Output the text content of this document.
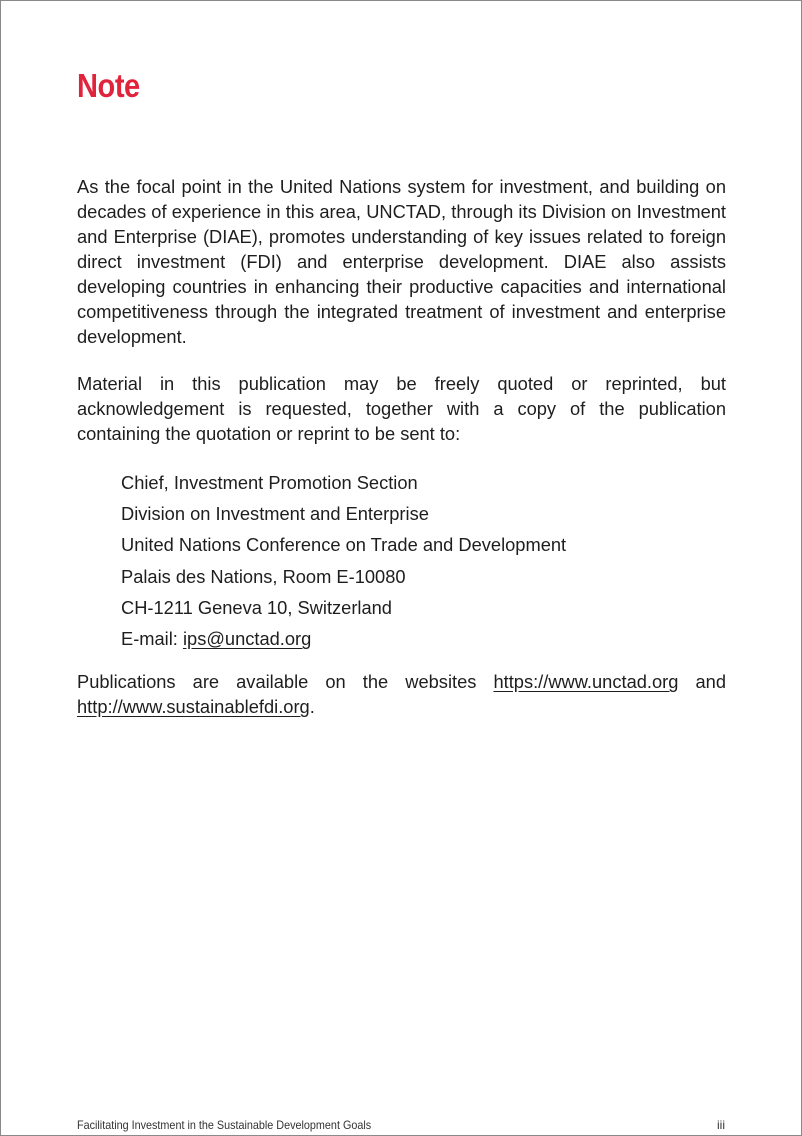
Note

As the focal point in the United Nations system for investment, and building on decades of experience in this area, UNCTAD, through its Division on Investment and Enterprise (DIAE), promotes understanding of key issues related to foreign direct investment (FDI) and enterprise development. DIAE also assists developing countries in enhancing their productive capacities and international competitiveness through the integrated treatment of investment and enterprise development.

Material in this publication may be freely quoted or reprinted, but acknowledgement is requested, together with a copy of the publication containing the quotation or reprint to be sent to:

Chief, Investment Promotion Section
Division on Investment and Enterprise
United Nations Conference on Trade and Development
Palais des Nations, Room E-10080
CH-1211 Geneva 10, Switzerland
E-mail: ips@unctad.org

Publications are available on the websites https://www.unctad.org and http://www.sustainablefdi.org.

Facilitating Investment in the Sustainable Development Goals	iii
